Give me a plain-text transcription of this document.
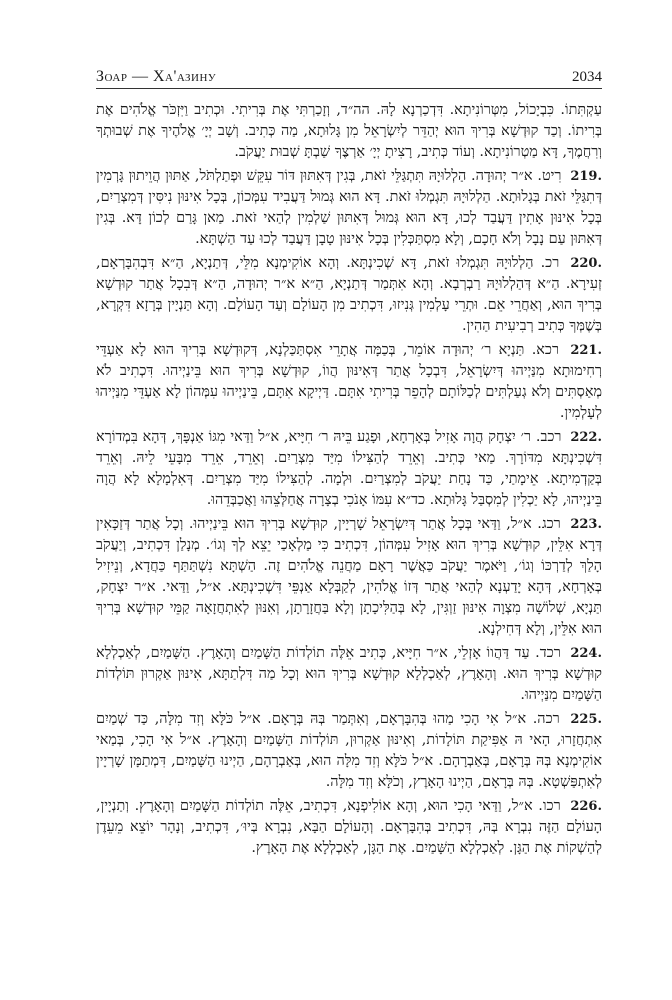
Зоар — Ха'азину	2034

עַקְתִּתוֹ. כִּבְיָכוֹל, מִטְּרוֹנִיתָא. דִּדְכַרְנָא לָהּ. הה״ד, וְזָכַרְתִּי אֶת בְּרִיתִי. וּכְתִיב וַיִּזְכֹּר אֱלֹהִים אֶת בְּרִיתוֹ. וְכַד קוּדְשָׁא בְּרִיךְ הוּא יְהַדֵּר לְיִשְׂרָאֵל מִן גָּלוּתָא, מַה כְּתִיב. וְשָׁב יְיָ׳ אֱלֹהֶיךָ אֶת שְׁבוּתְךָ וְרִחֲמֶךָ, דָּא מַטְרוֹנִיתָא. וְעוֹד כְּתִיב, רָצִיתָ יְיָ׳ אַרְצֶךָ שַׁבְתָּ שְׁבוּת יַעֲקֹב.

219. רִיט. א״ר יְהוּדָה. הַלְלוּיָהּ תִּתְגַּלֵּי זֹאת, בְּגִין דְּאִתּוּן דּוֹר עִקֵּשׁ וּפְתַלְתֹּל, אַתּוּן הֲוֵיתוּן גָּרְמִין דְּתִגַּלֵּי זֹאת בְּגָלוּתָא. הַלְלוּיָהּ תִּגְמְלוּ זֹאת. דָּא הוּא גְּמוּל דַּעֲבִיד עִמְּכוֹן, בְּכָל אִינּוּן נִיסִּין דְּמִצְרַיִם, בְּכָל אִינּוּן אָתִין דַּעֲבַד לְכוּ, דָּא הוּא גְּמוּל דְּאִתּוּן שַׁלְמִין לְהַאי זֹאת. מַאן גָּרַם לְכוֹן דָּא. בְּגִין דְּאִתּוּן עַם נָבָל וְלֹא חָכָם, וְלָא מִסְתַּכְּלִין בְּכָל אִינּוּן טָבָן דַּעֲבַד לְכוּ עַד הַשְׁתָּא.

220. רכ. הַלְלוּיָהּ תִּגְמְלוּ זֹאת, דָּא שְׁכִינְתָּא. וְהָא אוֹקִימְנָא מִלֵּי, דְּתַנְיָא, הַ״א דִּבְהִבָּרְאָם, זְעִירָא. הַ״א דְּהַלְלוּיָהּ רַבְרְבָא. וְהָא אִתְּמַר דְּתַנְיָא, הַ״א א״ר יְהוּדָה, הַ״א דְּבִכָל אֲתַר קוּדְשָׁא בְּרִיךְ הוּא, וְאַחֲרֵי אֵם. וּתְרֵי עָלְמִין גְּנִיזוּ, דִּכְתִיב מִן הָעוֹלָם וְעַד הָעוֹלָם. וְהָא תַּנְיָין בְּרָזָא דִּקְרָא, בְּשֶׁמְּךָ כְּתִיב רְבִיעִית הַהִין.

221. רכא. תַּנְיָא ר׳ יְהוּדָה אוֹמֵר, בְּכַמָּה אֲתָרֵי אִסְתַּכַּלְנָא, דְּקוּדְשָׁא בְּרִיךְ הוּא לָא אַעְדֵּי רְחִימוּתָא מִנַּיְיהוּ דְּיִשְׂרָאֵל, דִּבְכָל אֲתַר דְּאִינּוּן הֲווֹ, קוּדְשָׁא בְּרִיךְ הוּא בֵּינַיְיהוּ. דִּכְתִיב לֹא מְאַסְתִּים וְלֹא גְעַלְתִּים לְכַלּוֹתָם לְהָפֵר בְּרִיתִי אִתָּם. דַּיְיקָא אִתָּם, בֵּינַיְיהוּ עִמְּהוֹן לָא אַעְדֵּי מִנַּיְיהוּ לְעָלְמִין.

222. רכב. ר׳ יִצְחָק הֲוָה אָזִיל בְּאָרְחָא, וּפָגַע בֵּיהּ ר׳ חִיָּיא, א״ל וַדַּאי מִגּוֹ אַנְפָּךְ, דְּהָא בִּמְדוֹרָא דִּשְׁכִינְתָּא מִדּוֹרָךְ. מַאי כְּתִיב. וְאֵרֵד לְהַצִּילוֹ מִיַּד מִצְרַיִם. וְאֵרֵד, אֵרֵד מִבָּעֵי לֵיהּ. וְאֵרֵד בְּקַדְמִיתָא. אֵימָתַי, כַּד נָחַת יַעֲקֹב לְמִצְרַיִם. וּלְמָה. לְהַצִּילוֹ מִיַּד מִצְרַיִם. דְּאִלְמָלָא לָא הֲוָה בֵּינַיְיהוּ, לָא יַכְלִין לְמִסְבַּל גָּלוּתָא. כד״א עִמּוֹ אָנֹכִי בְצָרָה אֲחַלְּצֵהוּ וַאֲכַבְּדֵהוּ.

223. רכג. א״ל, וַדַּאי בְּכָל אֲתַר דְּיִשְׂרָאֵל שָׁרְיָין, קוּדְשָׁא בְּרִיךְ הוּא בֵּינַיְיהוּ. וְכָל אֲתַר דְּזַכָּאִין דְּרָא אִלֵּין, קוּדְשָׁא בְּרִיךְ הוּא אָזִיל עִמְּהוֹן, דִּכְתִיב כִּי מַלְאָכַי יֵצֵא לְךָ וְגוֹ׳. מְנָלַן דִּכְתִיב, וְיַעֲקֹב הָלַךְ לְדַרְכּוֹ וְגוֹ׳, וַיֹּאמֶר יַעֲקֹב כַּאֲשֶׁר רָאָם מַחֲנֵה אֱלֹהִים זֶה. הַשְׁתָּא נִשְׁתַּתַּף כַּחֲדָא, וְנֵיזִיל בְּאָרְחָא, דְּהָא יָדַעְנָא לְהַאי אֲתַר דְּזוֹ אֱלֹהִין, לְקַבְּלָא אַנְפֵּי דִּשְׁכִינְתָּא. א״ל, וַדַּאי. א״ר יִצְחָק, תַּנְיָא, שְׁלוֹשָׁה מִצְוָה אִינּוּן זַוְגִּין, לָא בְּהַלִּיכָתָן וְלָא בַּחֲזָרָתָן, וְאִנּוּן לְאִתְחֲזָאָה קַמֵּי קוּדְשָׁא בְּרִיךְ הוּא אִלֵּין, וְלָא דְּחִילְנָא.

224. רכד. עַד דַּהֲווֹ אָזְלֵי, א״ר חִיָּיא, כְּתִיב אֵלֶּה תוֹלְדוֹת הַשָּׁמַיִם וְהָאָרֶץ. הַשָּׁמַיִם, לְאַכְלְלָא קוּדְשָׁא בְּרִיךְ הוּא. וְהָאָרֶץ, לְאַכְלְלָא קוּדְשָׁא בְּרִיךְ הוּא וְכָל מַה דִּלְתַתָּא, אִינּוּן אַקְרוּן תּוֹלְדוֹת הַשָּׁמַיִם מִנַּיְיהוּ.

225. רכה. א״ל אִי הָכִי מַהוּ בְּהִבָּרְאָם, וְאִתְּמַר בְּהּ בְּרָאָם. א״ל כֹּלָּא וְזִד מִלָּה, כַּד שְׁמַיִם אִתְחֲזָרוּ, הָאי הּ אַפִּיקַת תּוֹלָדוֹת, וְאִינּוּן אַקְרוּן, תּוֹלְדוֹת הַשָּׁמַיִם וְהָאָרֶץ. א״ל אִי הָכִי, בְּמַאי אוֹקִימְנָא בְּהּ בְּרָאָם, בְּאַבְרָהָם. א״ל כֹּלָּא וְזִד מִלָּה הוּא, בְּאַבְרָהָם, הַיְינוּ הַשָּׁמַיִם, דִּמְתַמָּן שָׁרְיָין לְאִתְפַּשְׁטָא. בְּהּ בְּרָאָם, הַיְינוּ הָאָרֶץ, וְכֹלָּא וְזִד מִלָּה.

226. רכו. א״ל, וַדַּאי הָכִי הוּא, וְהָא אוֹלִיפְנָא, דִּכְתִיב, אֵלֶּה תוֹלְדוֹת הַשָּׁמַיִם וְהָאָרֶץ. וְתַנְיָין, הָעוֹלָם הַזֶּה נִבְרָא בְּהּ, דִּכְתִיב בְּהִבָּרְאָם. וְהָעוֹלָם הַבָּא, נִבְרָא בְּיוּ׳, דִּכְתִיב, וְנָהָר יוֹצֵא מֵעֵדֶן לְהַשְׁקוֹת אֶת הַגָּן. לְאַכְלְלָא הַשָּׁמַיִם. אֶת הַגָּן, לְאַכְלְלָא אֶת הָאָרֶץ.
